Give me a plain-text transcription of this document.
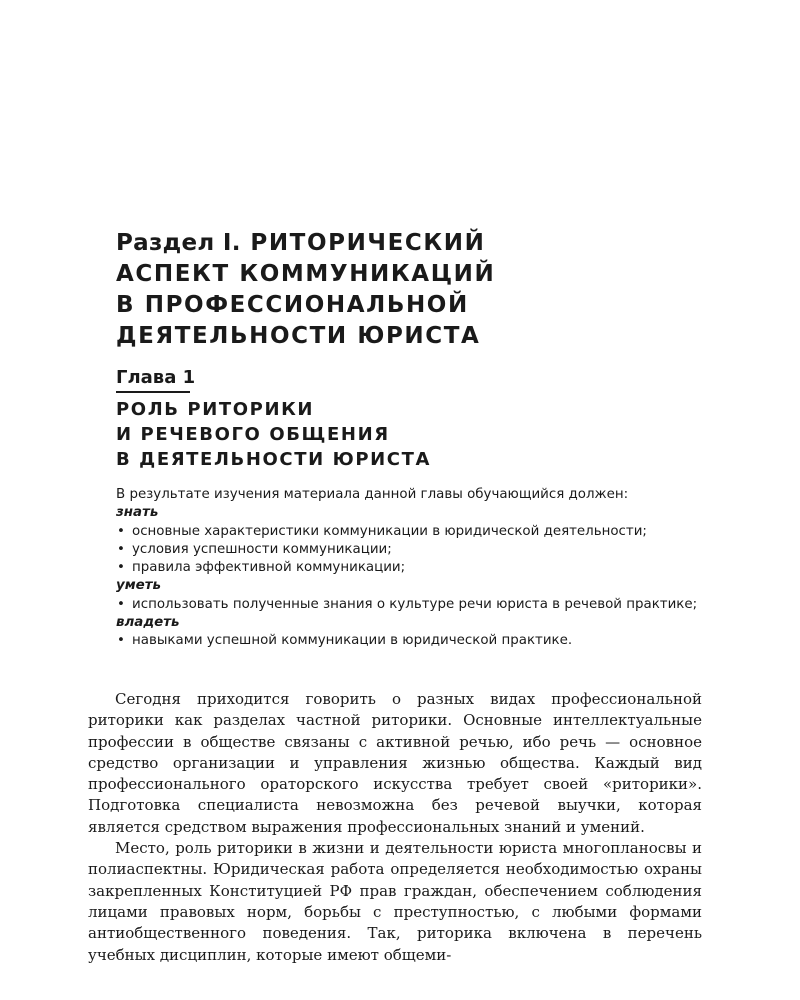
Раздел I. РИТОРИЧЕСКИЙ
АСПЕКТ КОММУНИКАЦИЙ
В ПРОФЕССИОНАЛЬНОЙ
ДЕЯТЕЛЬНОСТИ ЮРИСТА
Глава 1
РОЛЬ РИТОРИКИ
И РЕЧЕВОГО ОБЩЕНИЯ
В ДЕЯТЕЛЬНОСТИ ЮРИСТА

В результате изучения материала данной главы обучающийся должен:

знать

• основные характеристики коммуникации в юридической деятельности;
• условия успешности коммуникации;
• правила эффективной коммуникации;

уметь

• использовать полученные знания о культуре речи юриста в речевой практике;

владеть

• навыками успешной коммуникации в юридической практике.

Сегодня приходится говорить о разных видах профессиональной риторики как разделах частной риторики. Основные интеллектуальные профессии в обществе связаны с активной речью, ибо речь — основное средство организации и управления жизнью общества. Каждый вид профессионального ораторского искусства требует своей «риторики». Подготовка специалиста невозможна без речевой выучки, которая является средством выражения профессиональных знаний и умений.

Место, роль риторики в жизни и деятельности юриста многопланоcвы и полиаспектны. Юридическая работа определяется необходимостью охраны закрепленных Конституцией РФ прав граждан, обеспечением соблюдения лицами правовых норм, борьбы с преступностью, с любыми формами антиобщественного поведения. Так, риторика включена в перечень учебных дисциплин, которые имеют общеми-
